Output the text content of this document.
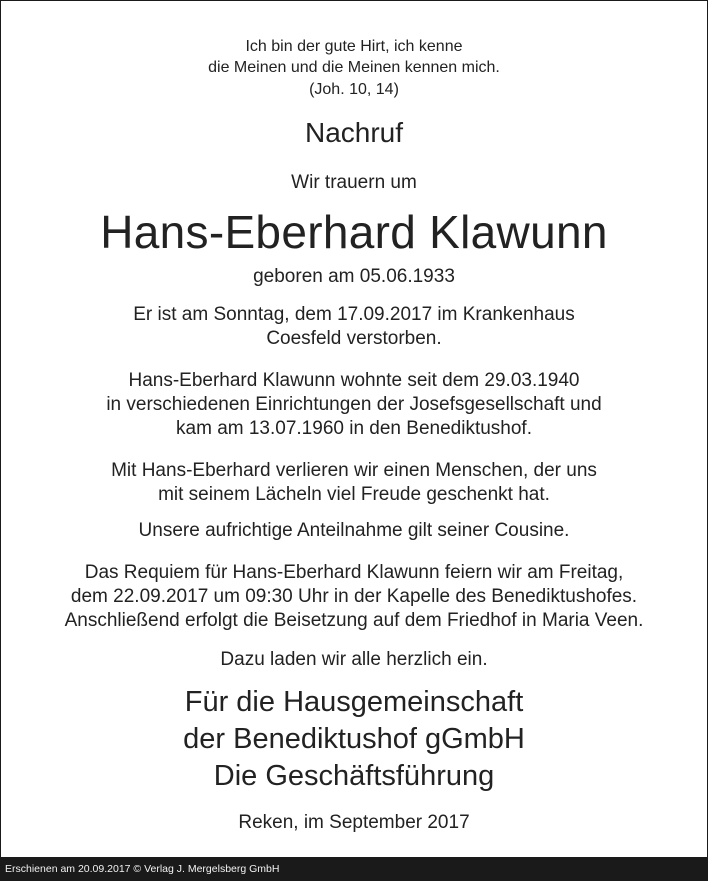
Ich bin der gute Hirt, ich kenne
die Meinen und die Meinen kennen mich.
(Joh. 10, 14)
Nachruf
Wir trauern um
Hans-Eberhard Klawunn
geboren am 05.06.1933
Er ist am Sonntag, dem 17.09.2017 im Krankenhaus
Coesfeld verstorben.
Hans-Eberhard Klawunn wohnte seit dem 29.03.1940
in verschiedenen Einrichtungen der Josefsgesellschaft und
kam am 13.07.1960 in den Benediktushof.
Mit Hans-Eberhard verlieren wir einen Menschen, der uns
mit seinem Lächeln viel Freude geschenkt hat.
Unsere aufrichtige Anteilnahme gilt seiner Cousine.
Das Requiem für Hans-Eberhard Klawunn feiern wir am Freitag,
dem 22.09.2017 um 09:30 Uhr in der Kapelle des Benediktushofes.
Anschließend erfolgt die Beisetzung auf dem Friedhof in Maria Veen.
Dazu laden wir alle herzlich ein.
Für die Hausgemeinschaft
der Benediktushof gGmbH
Die Geschäftsführung
Reken, im September 2017
Erschienen am 20.09.2017 © Verlag J. Mergelsberg GmbH
